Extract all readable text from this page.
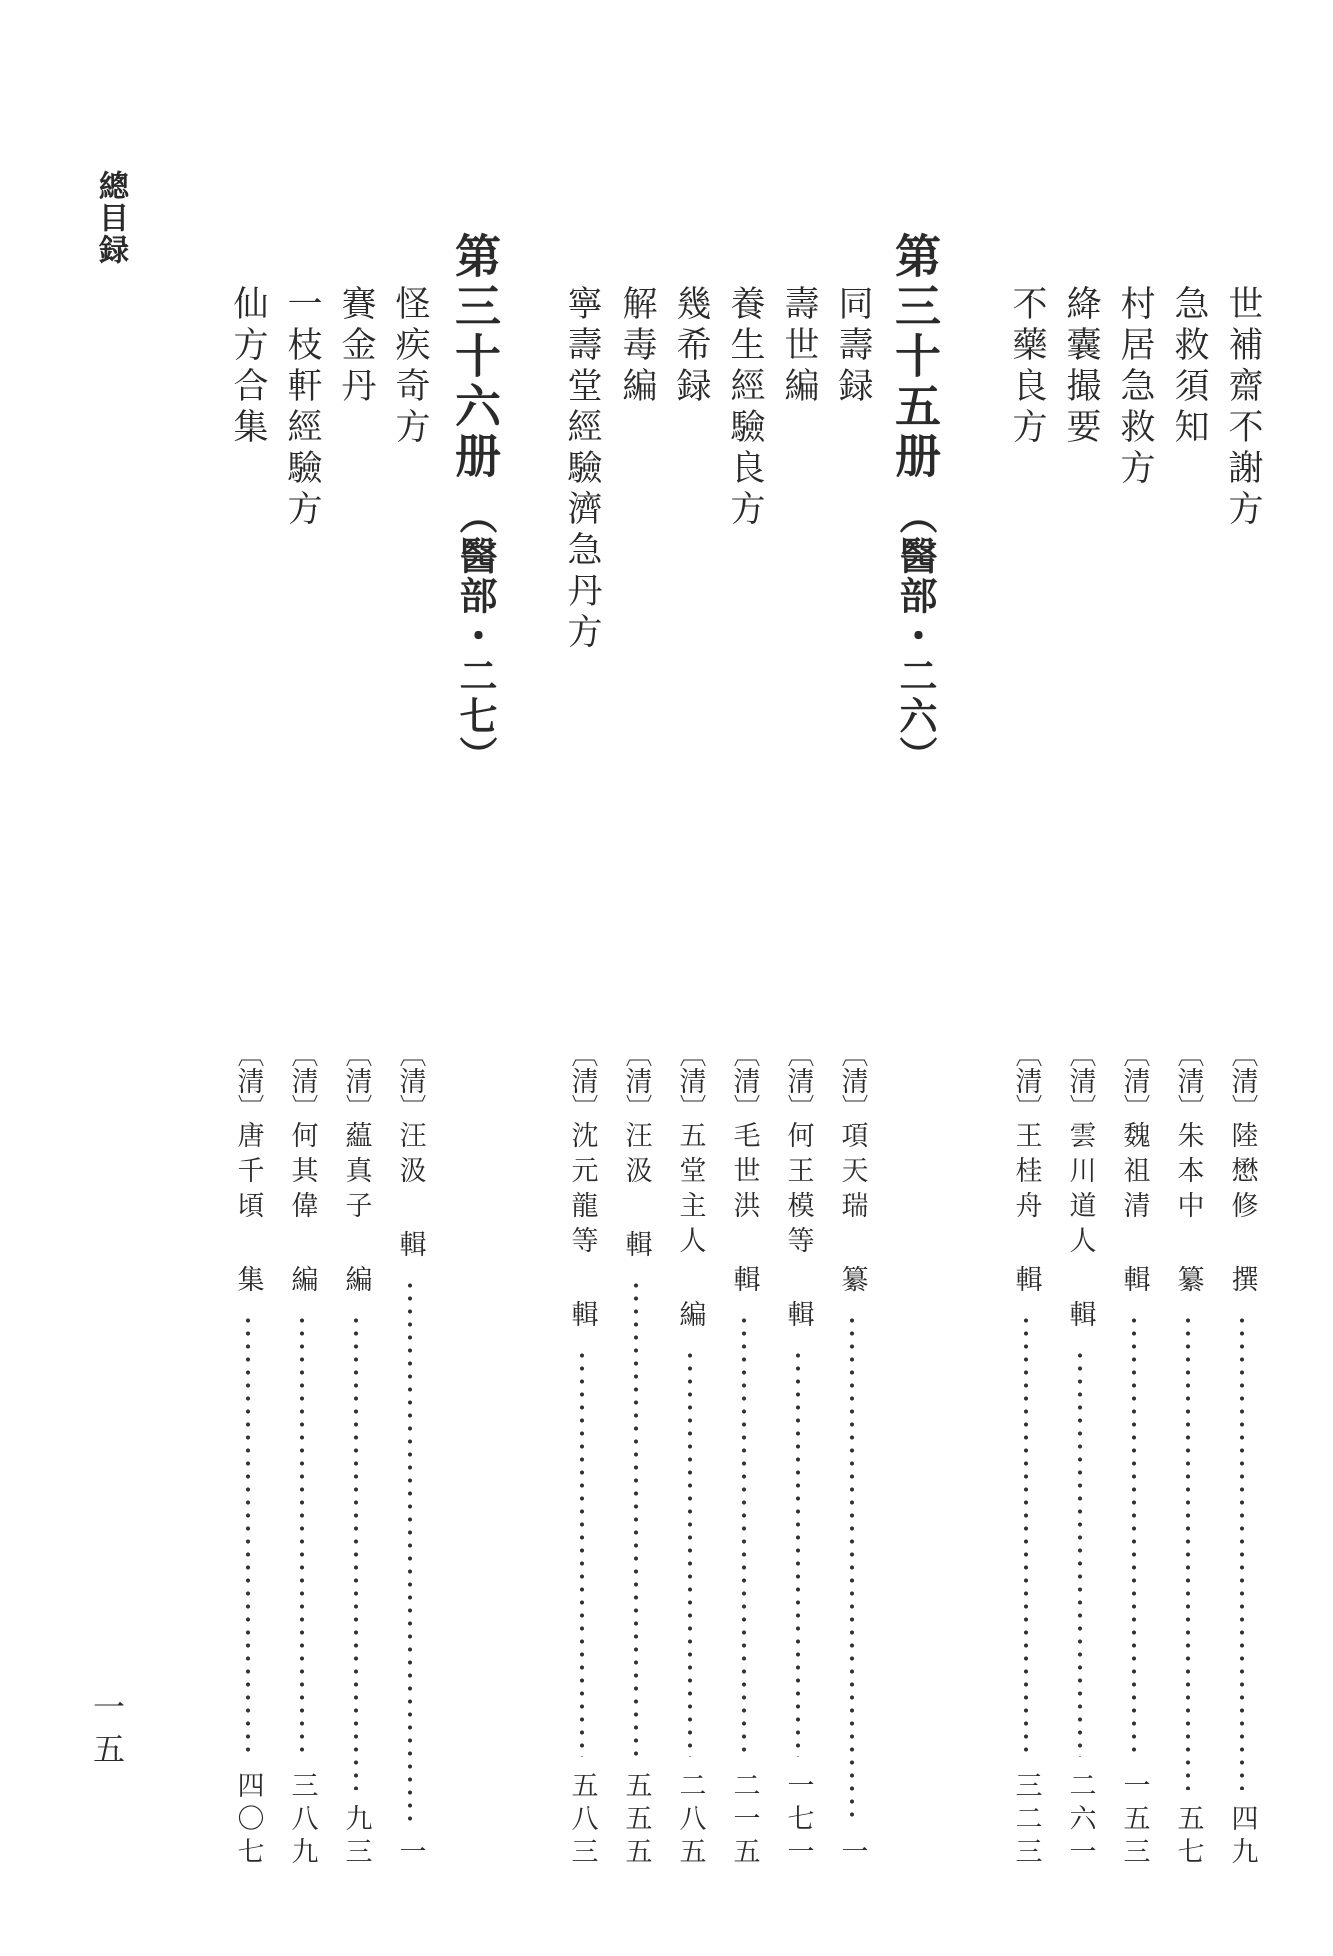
總目録
世補齋不謝方
急救須知
村居急救方
絳囊撮要
不藥良方
第三十五册（醫部・二六）
同壽録
壽世編
養生經驗良方
幾希録
解毒編
寧壽堂經驗濟急丹方
第三十六册（醫部・二七）
怪疾奇方
賽金丹
一枝軒經驗方
仙方合集
〔清〕
陸懋修 撰
四九
〔清〕
朱本中 纂
五七
〔清〕
魏祖清 輯
一五三
〔清〕
雲川道人 輯
二六一
〔清〕
王桂舟 輯
三二三
〔清〕
項天瑞 纂
一
〔清〕
何王模等 輯
一七一
〔清〕
毛世洪 輯
二一五
〔清〕
五堂主人 編
二八五
〔清〕
汪汲 輯
五五五
〔清〕
沈元龍等 輯
五八三
〔清〕
汪汲 輯
一
〔清〕
藴真子 編
九三
〔清〕
何其偉 編
三八九
〔清〕
唐千頃 集
四〇七
一五
